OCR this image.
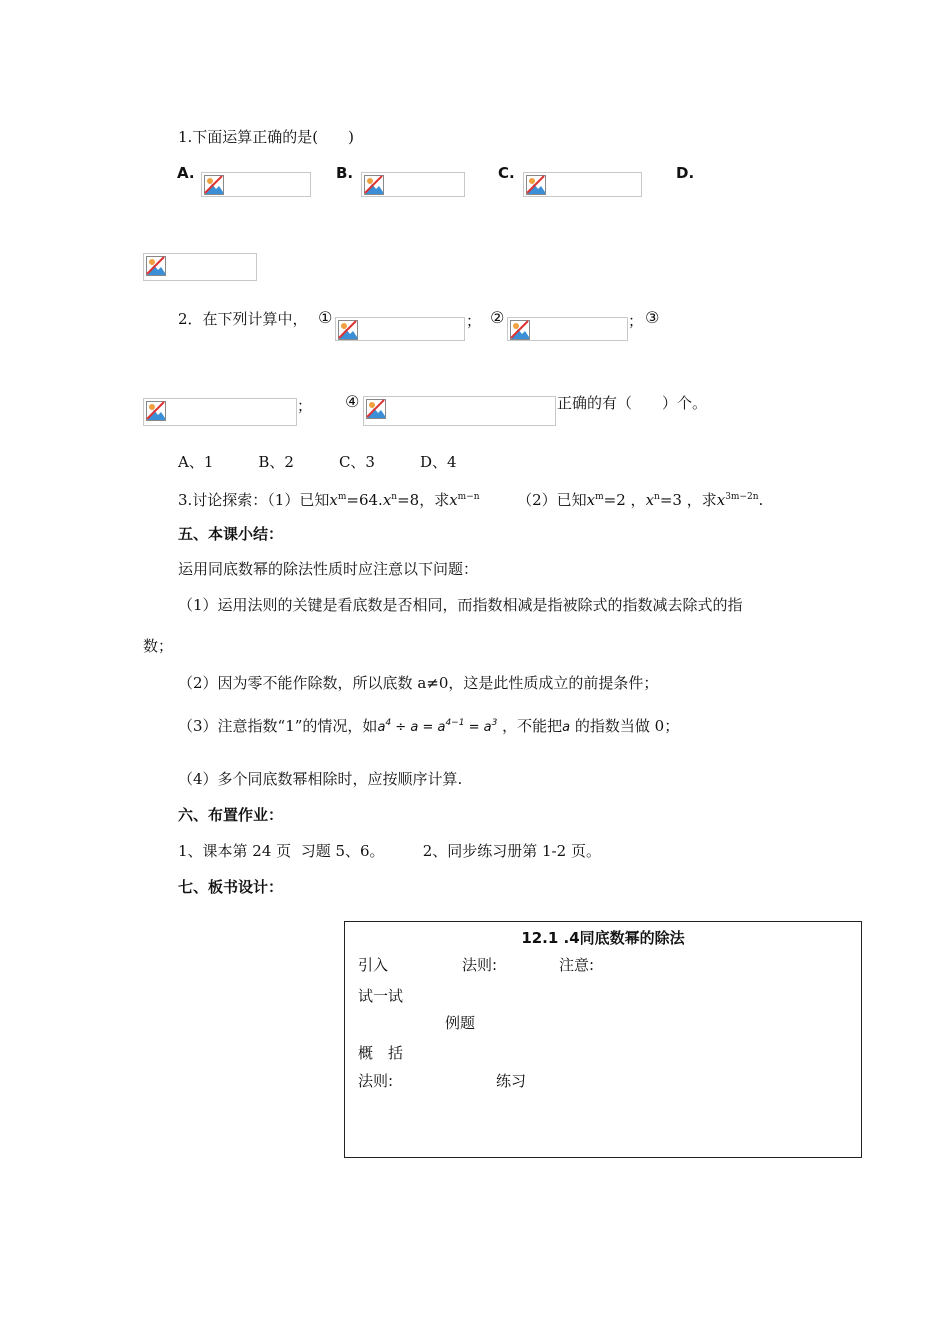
1.下面运算正确的是(　　)
A.	B.	C.	D.
2．在下列计算中， ①	； ②	； ③
； ④	正确的有（　　）个。
A、1　　　B、2　　　C、3　　　D、4
3.讨论探索：（1）已知$x^m=64.x^n=8$，求$x^{m-n}$	（2）已知$x^m=2$ ，$x^n=3$ ，求$x^{3m-2n}$.
五、本课小结：
运用同底数幂的除法性质时应注意以下问题：
（1）运用法则的关键是看底数是否相同，而指数相减是指被除式的指数减去除式的指
数；
（2）因为零不能作除数，所以底数 a≠0，这是此性质成立的前提条件；
（3）注意指数“1”的情况，如$a^4 \div a = a^{4-1} = a^3$ ，不能把a 的指数当做 0；
（4）多个同底数幂相除时，应按顺序计算.
六、布置作业：
1、课本第 24 页  习题 5、6。        2、同步练习册第 1-2 页。
七、板书设计：
12.1 .4同底数幂的除法
引入	法则:	注意:
试一试
例题
概　括
法则:	练习
